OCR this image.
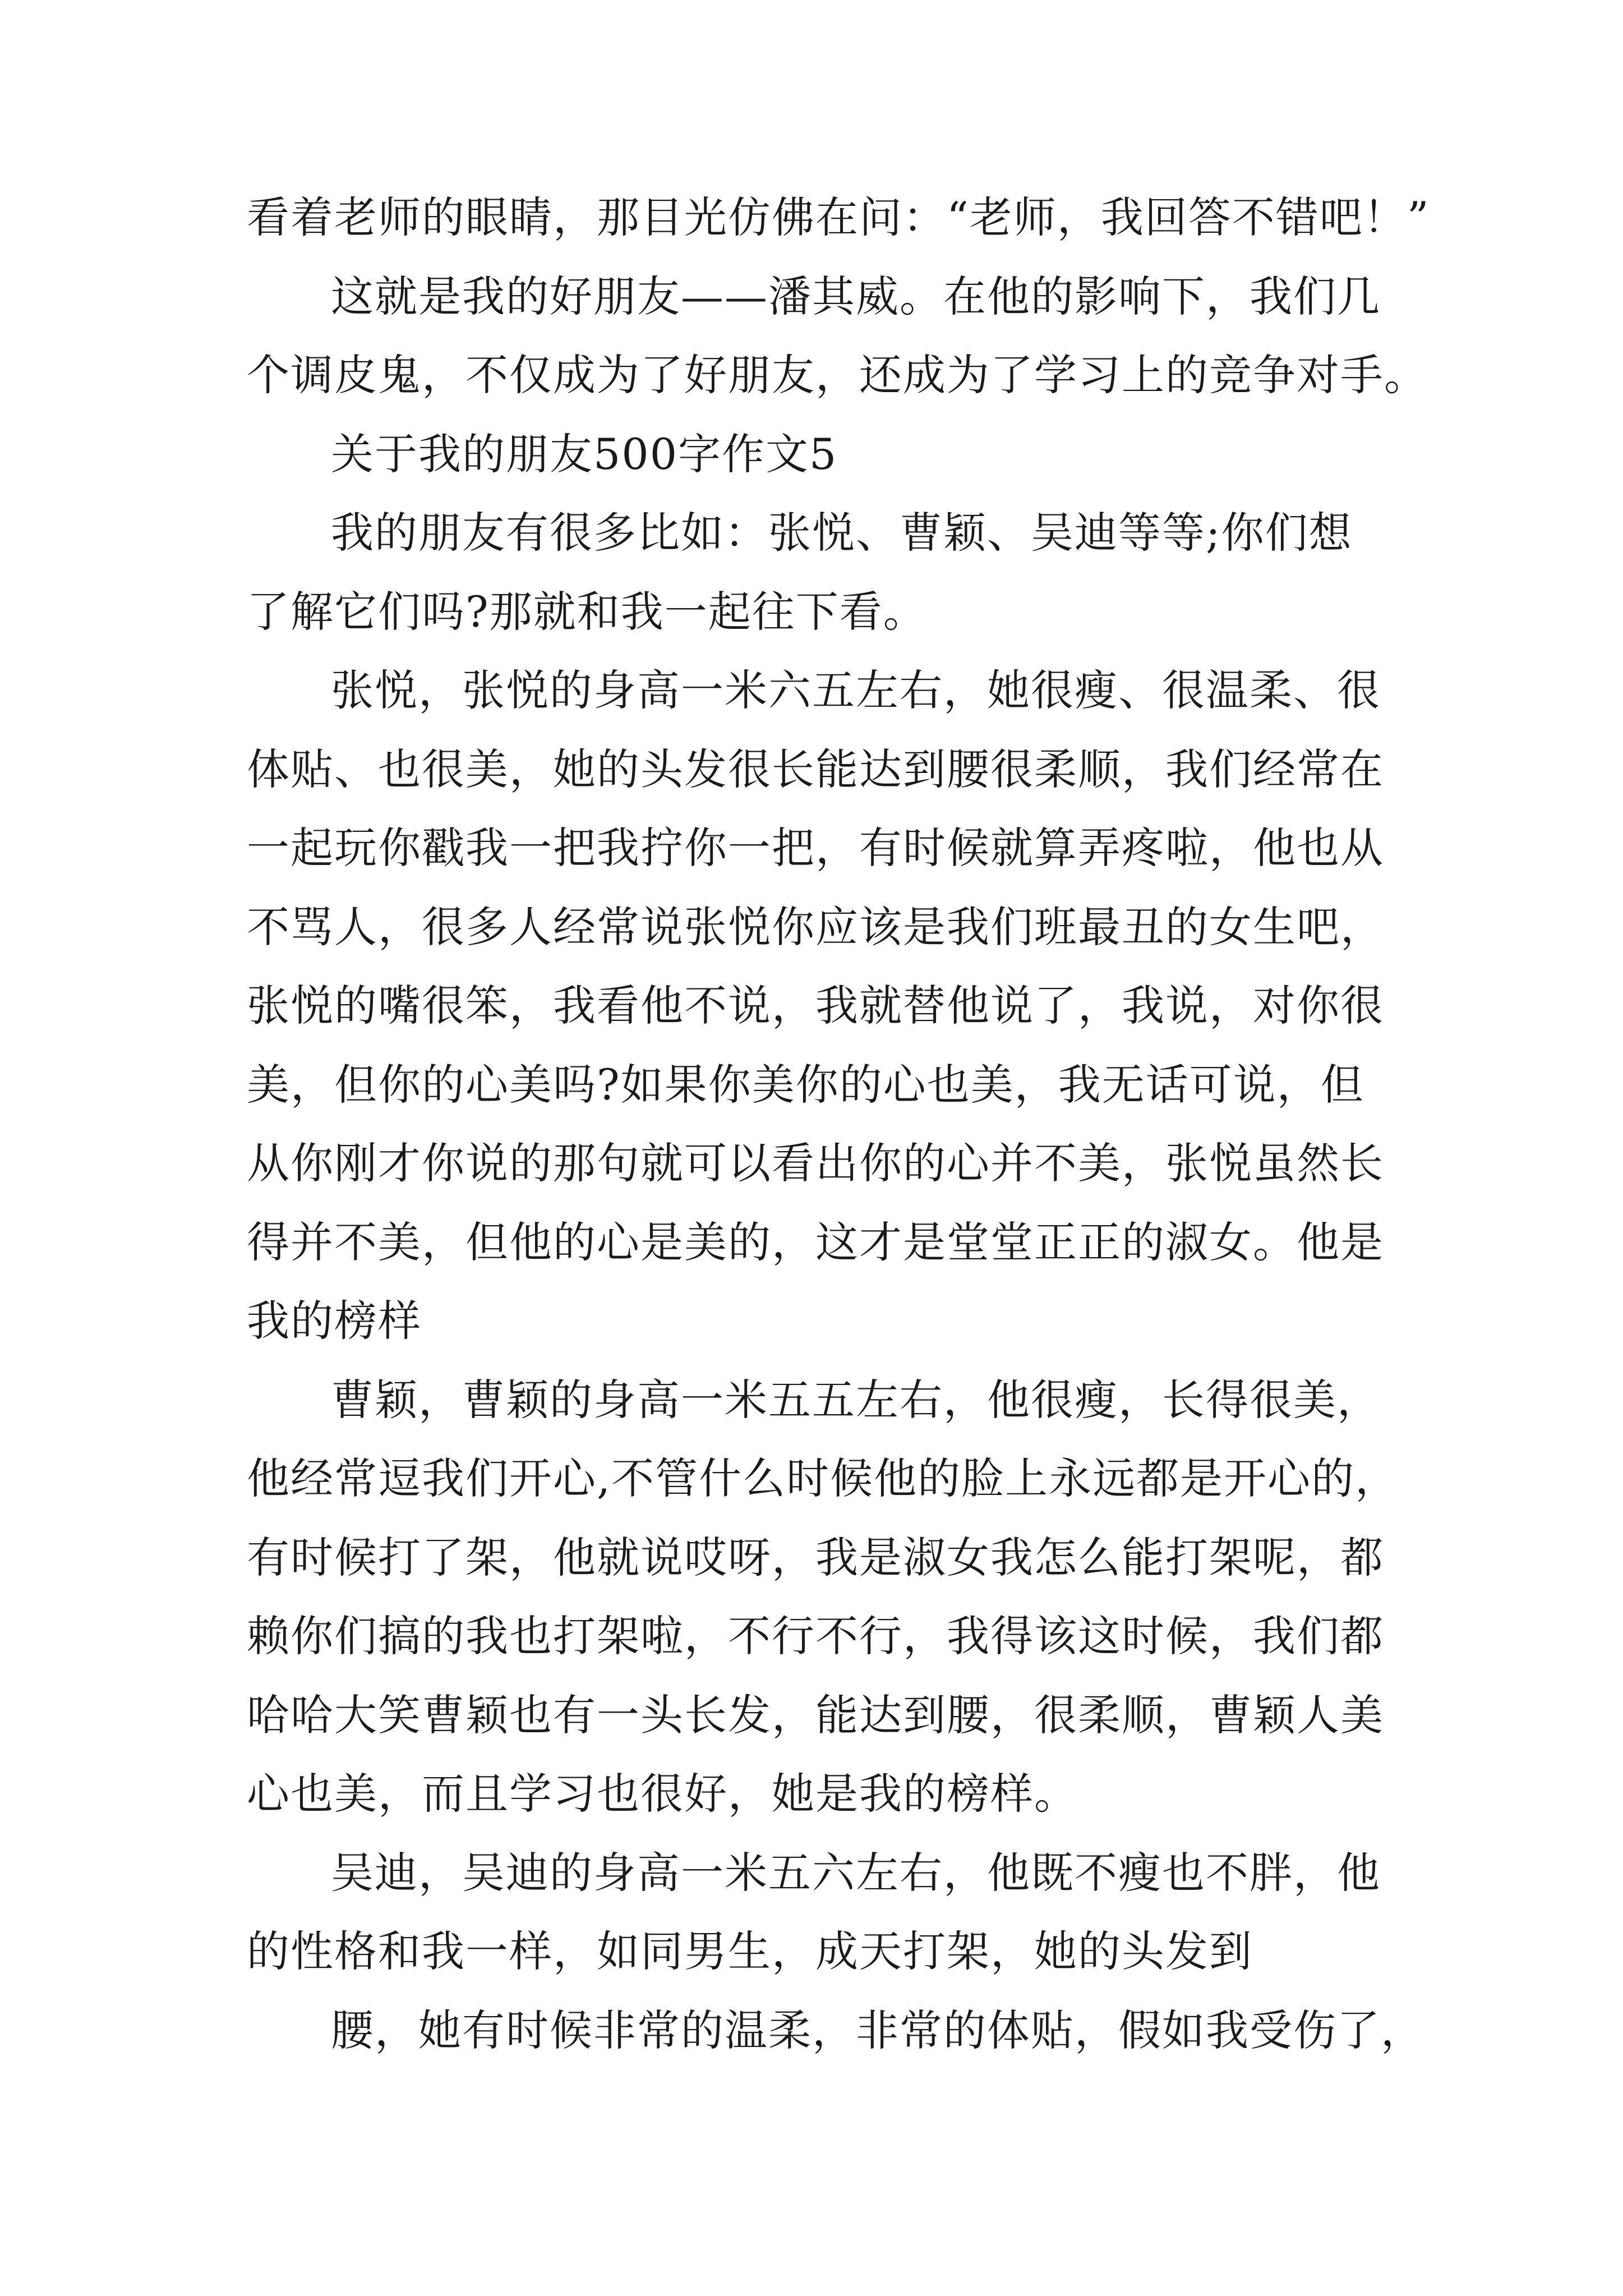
看着老师的眼睛，那目光仿佛在问：“老师，我回答不错吧！”
这就是我的好朋友——潘其威。在他的影响下，我们几
个调皮鬼，不仅成为了好朋友，还成为了学习上的竞争对手。
关于我的朋友500字作文5
我的朋友有很多比如：张悦、曹颖、吴迪等等;你们想
了解它们吗?那就和我一起往下看。
张悦，张悦的身高一米六五左右，她很瘦、很温柔、很
体贴、也很美，她的头发很长能达到腰很柔顺，我们经常在
一起玩你戳我一把我拧你一把，有时候就算弄疼啦，他也从
不骂人，很多人经常说张悦你应该是我们班最丑的女生吧，
张悦的嘴很笨，我看他不说，我就替他说了，我说，对你很
美，但你的心美吗?如果你美你的心也美，我无话可说，但
从你刚才你说的那句就可以看出你的心并不美，张悦虽然长
得并不美，但他的心是美的，这才是堂堂正正的淑女。他是
我的榜样
曹颖，曹颖的身高一米五五左右，他很瘦，长得很美，
他经常逗我们开心,不管什么时候他的脸上永远都是开心的，
有时候打了架，他就说哎呀，我是淑女我怎么能打架呢，都
赖你们搞的我也打架啦，不行不行，我得该这时候，我们都
哈哈大笑曹颖也有一头长发，能达到腰，很柔顺，曹颖人美
心也美，而且学习也很好，她是我的榜样。
吴迪，吴迪的身高一米五六左右，他既不瘦也不胖，他
的性格和我一样，如同男生，成天打架，她的头发到
腰，她有时候非常的温柔，非常的体贴，假如我受伤了，
